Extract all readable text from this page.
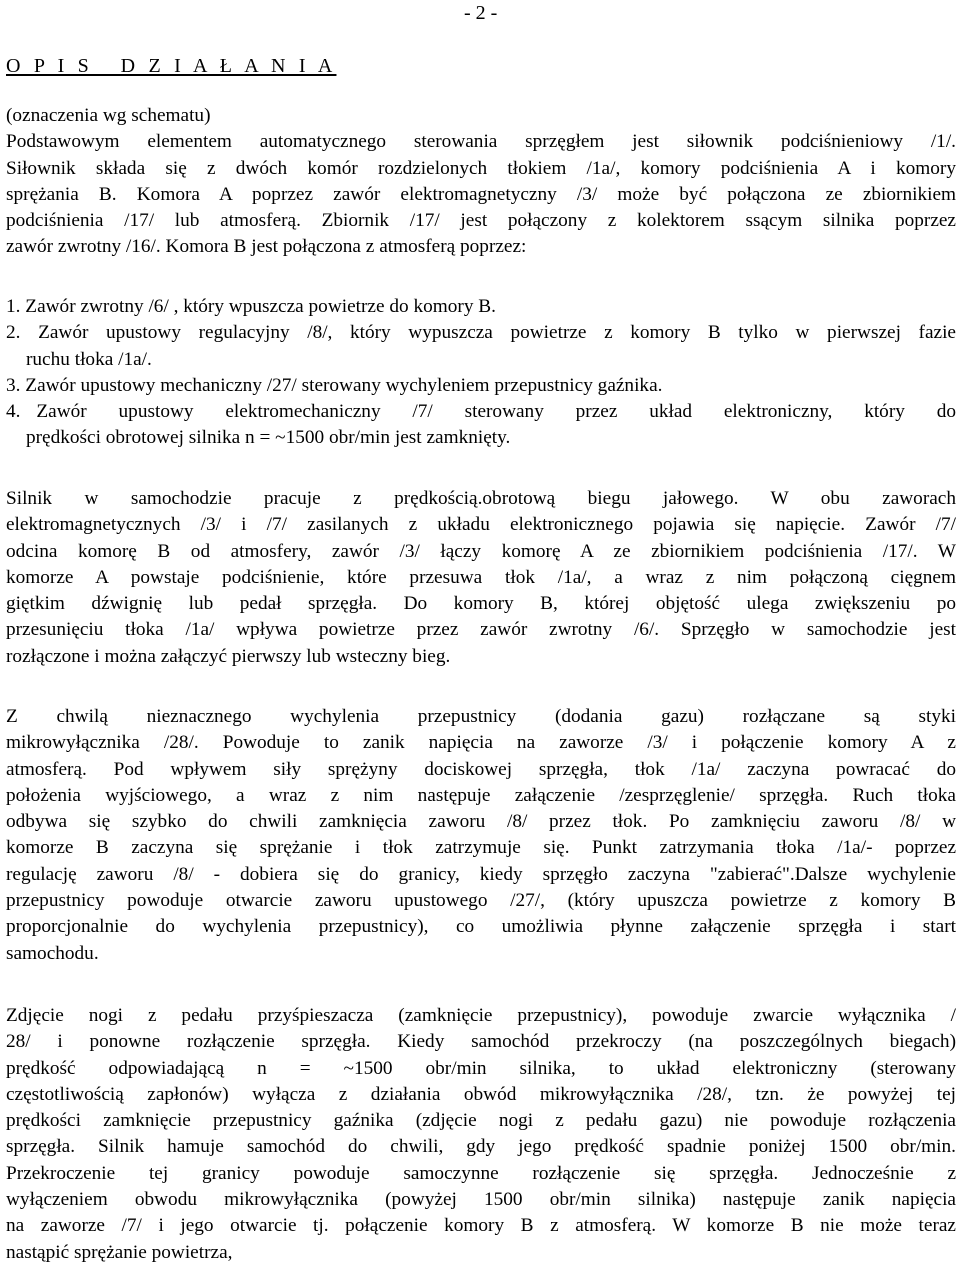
- 2 -
O P I S   D Z I A Ł A N I A

(oznaczenia wg schematu)

Podstawowym elementem automatycznego sterowania sprzęgłem jest siłownik podciśnieniowy /1/.
Siłownik składa się z dwóch komór rozdzielonych tłokiem /1a/, komory podciśnienia A i komory
sprężania B. Komora A poprzez zawór elektromagnetyczny /3/ może być połączona ze zbiornikiem
podciśnienia /17/ lub atmosferą. Zbiornik /17/ jest połączony z kolektorem ssącym silnika poprzez
zawór zwrotny /16/. Komora B jest połączona z atmosferą poprzez:

1. Zawór zwrotny /6/ , który wpuszcza powietrze do komory B.
2. Zawór upustowy regulacyjny /8/, który wypuszcza powietrze z komory B tylko w pierwszej fazie
ruchu tłoka /1a/.
3. Zawór upustowy mechaniczny /27/ sterowany wychyleniem przepustnicy gaźnika.
4. Zawór  upustowy  elektromechaniczny  /7/  sterowany  przez  układ  elektroniczny,  który  do
prędkości obrotowej silnika n = ~1500 obr/min jest zamknięty.

Silnik w samochodzie pracuje z prędkością.obrotową biegu jałowego. W obu zaworach
elektromagnetycznych /3/ i /7/ zasilanych z układu elektronicznego pojawia się napięcie. Zawór /7/
odcina komorę B od atmosfery, zawór /3/ łączy komorę A ze zbiornikiem podciśnienia /17/. W
komorze A powstaje podciśnienie, które przesuwa tłok /1a/, a wraz z nim połączoną cięgnem
giętkim dźwignię lub pedał sprzęgła. Do komory B, której objętość ulega zwiększeniu po
przesunięciu tłoka /1a/ wpływa powietrze przez zawór zwrotny /6/. Sprzęgło w samochodzie jest
rozłączone i można załączyć pierwszy lub wsteczny bieg.

Z chwilą nieznacznego wychylenia przepustnicy (dodania gazu) rozłączane są styki
mikrowyłącznika /28/. Powoduje to zanik napięcia na zaworze /3/ i połączenie komory A z
atmosferą. Pod wpływem siły sprężyny dociskowej sprzęgła, tłok /1a/ zaczyna powracać do
położenia wyjściowego, a wraz z nim następuje załączenie /zesprzęglenie/ sprzęgła. Ruch tłoka
odbywa się szybko do chwili zamknięcia zaworu /8/ przez tłok. Po zamknięciu zaworu /8/ w
komorze B zaczyna się sprężanie i tłok zatrzymuje się. Punkt zatrzymania tłoka /1a/- poprzez
regulację zaworu /8/ - dobiera się do granicy, kiedy sprzęgło zaczyna "zabierać".Dalsze wychylenie
przepustnicy powoduje otwarcie zaworu upustowego /27/, (który upuszcza powietrze z komory B
proporcjonalnie do wychylenia przepustnicy), co umożliwia płynne załączenie sprzęgła i start
samochodu.

Zdjęcie nogi z pedału przyśpieszacza (zamknięcie przepustnicy), powoduje zwarcie wyłącznika /
28/ i ponowne rozłączenie sprzęgła. Kiedy samochód przekroczy (na poszczególnych biegach)
prędkość odpowiadającą n = ~1500 obr/min silnika, to układ elektroniczny (sterowany
częstotliwością zapłonów) wyłącza z działania obwód mikrowyłącznika /28/, tzn. że powyżej tej
prędkości zamknięcie przepustnicy gaźnika (zdjęcie nogi z pedału gazu) nie powoduje rozłączenia
sprzęgła. Silnik hamuje samochód do chwili, gdy jego prędkość spadnie poniżej 1500 obr/min.
Przekroczenie tej granicy powoduje samoczynne rozłączenie się sprzęgła. Jednocześnie z
wyłączeniem obwodu mikrowyłącznika (powyżej 1500 obr/min silnika) następuje zanik napięcia
na zaworze /7/ i jego otwarcie tj. połączenie komory B z atmosferą. W komorze B nie może teraz
nastąpić sprężanie powietrza,
